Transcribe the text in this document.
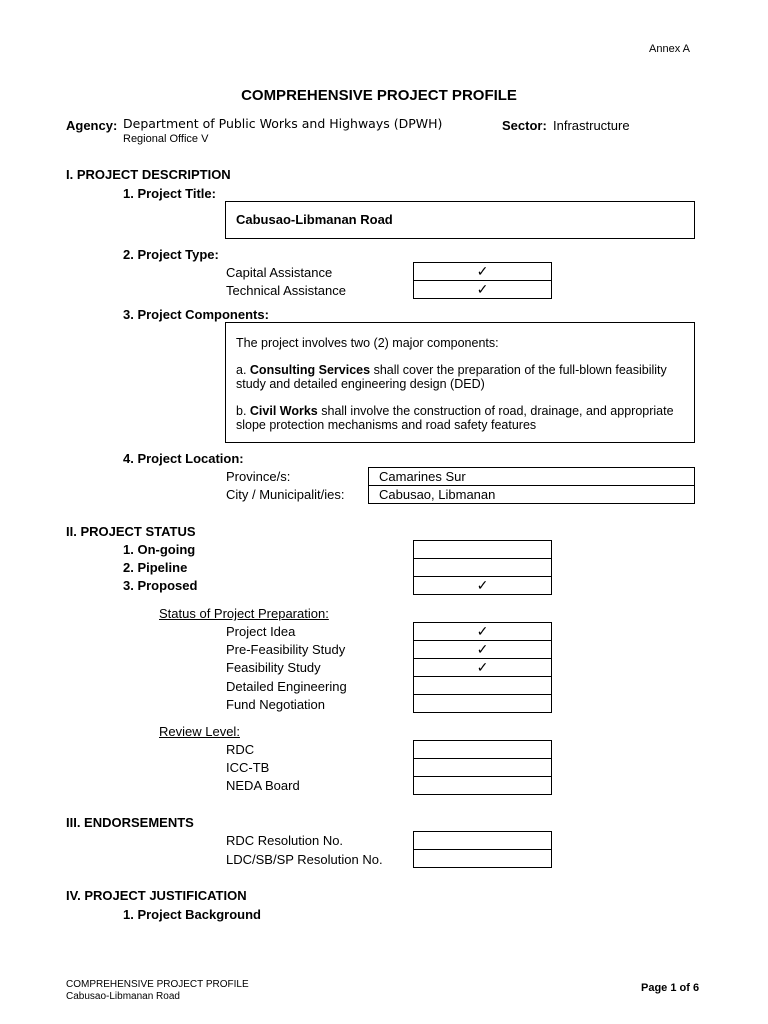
Annex A
COMPREHENSIVE PROJECT PROFILE
Agency: Department of Public Works and Highways (DPWH)
Regional Office V
Sector: Infrastructure
I. PROJECT DESCRIPTION
1. Project Title:
Cabusao-Libmanan Road
2. Project Type:
Capital Assistance	✓
Technical Assistance	✓
3. Project Components:

The project involves two (2) major components:

a. Consulting Services shall cover the preparation of the full-blown feasibility study and detailed engineering design (DED)

b. Civil Works shall involve the construction of road, drainage, and appropriate slope protection mechanisms and road safety features

4. Project Location:
Province/s:	Camarines Sur
City / Municipalit/ies:	Cabusao, Libmanan
II. PROJECT STATUS
1. On-going
2. Pipeline
3. Proposed	✓
Status of Project Preparation:
Project Idea	✓
Pre-Feasibility Study	✓
Feasibility Study	✓
Detailed Engineering
Fund Negotiation
Review Level:
RDC
ICC-TB
NEDA Board
III. ENDORSEMENTS
RDC Resolution No.
LDC/SB/SP Resolution No.
IV. PROJECT JUSTIFICATION
1. Project Background
COMPREHENSIVE PROJECT PROFILE
Cabusao-Libmanan Road
Page 1 of 6
